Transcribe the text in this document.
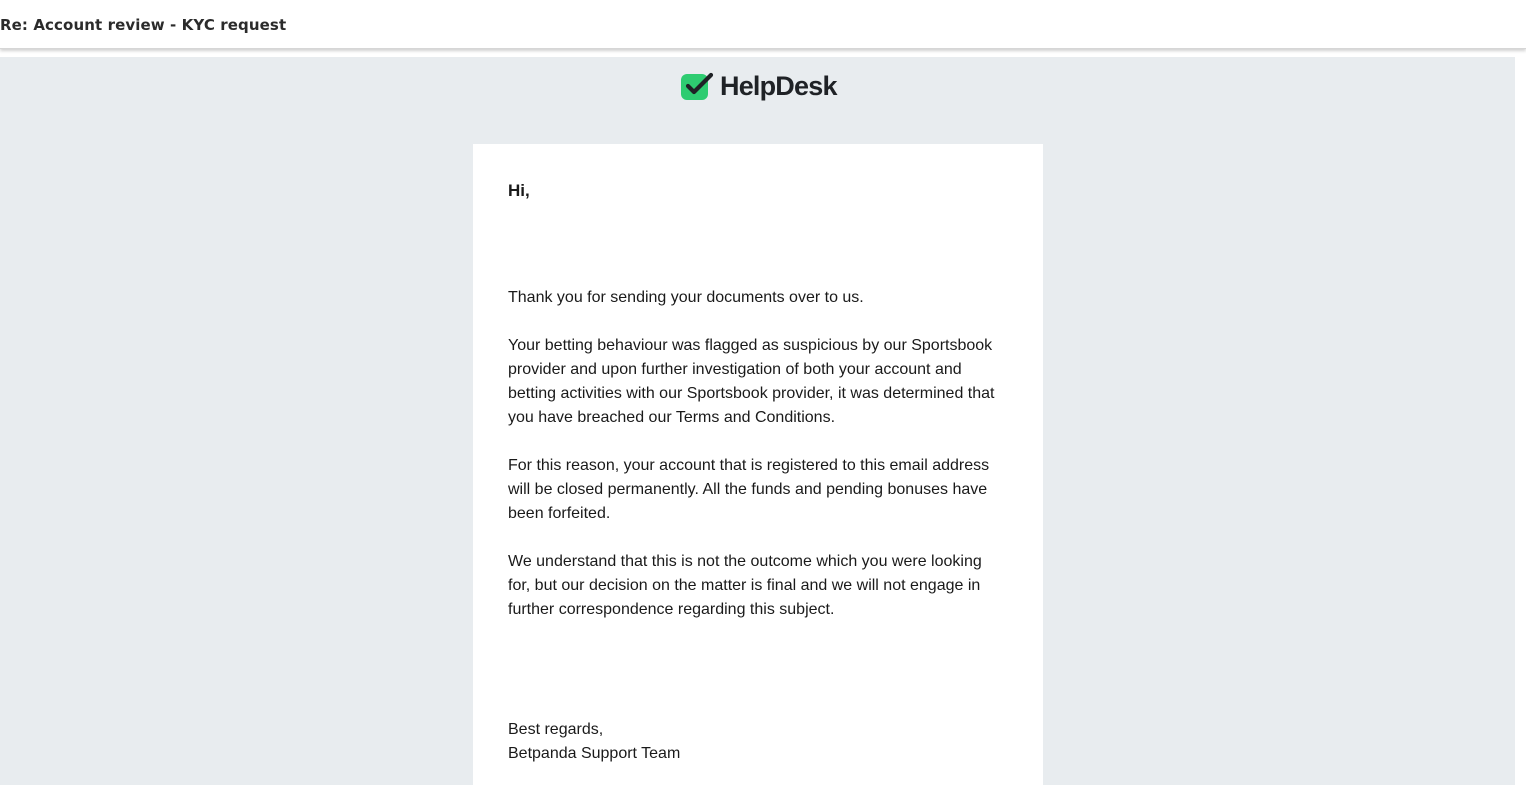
Re: Account review - KYC request
HelpDesk

Hi,

Thank you for sending your documents over to us.

Your betting behaviour was flagged as suspicious by our Sportsbook provider and upon further investigation of both your account and betting activities with our Sportsbook provider, it was determined that you have breached our Terms and Conditions.

For this reason, your account that is registered to this email address will be closed permanently. All the funds and pending bonuses have been forfeited.

We understand that this is not the outcome which you were looking for, but our decision on the matter is final and we will not engage in further correspondence regarding this subject.

Best regards,

Betpanda Support Team
